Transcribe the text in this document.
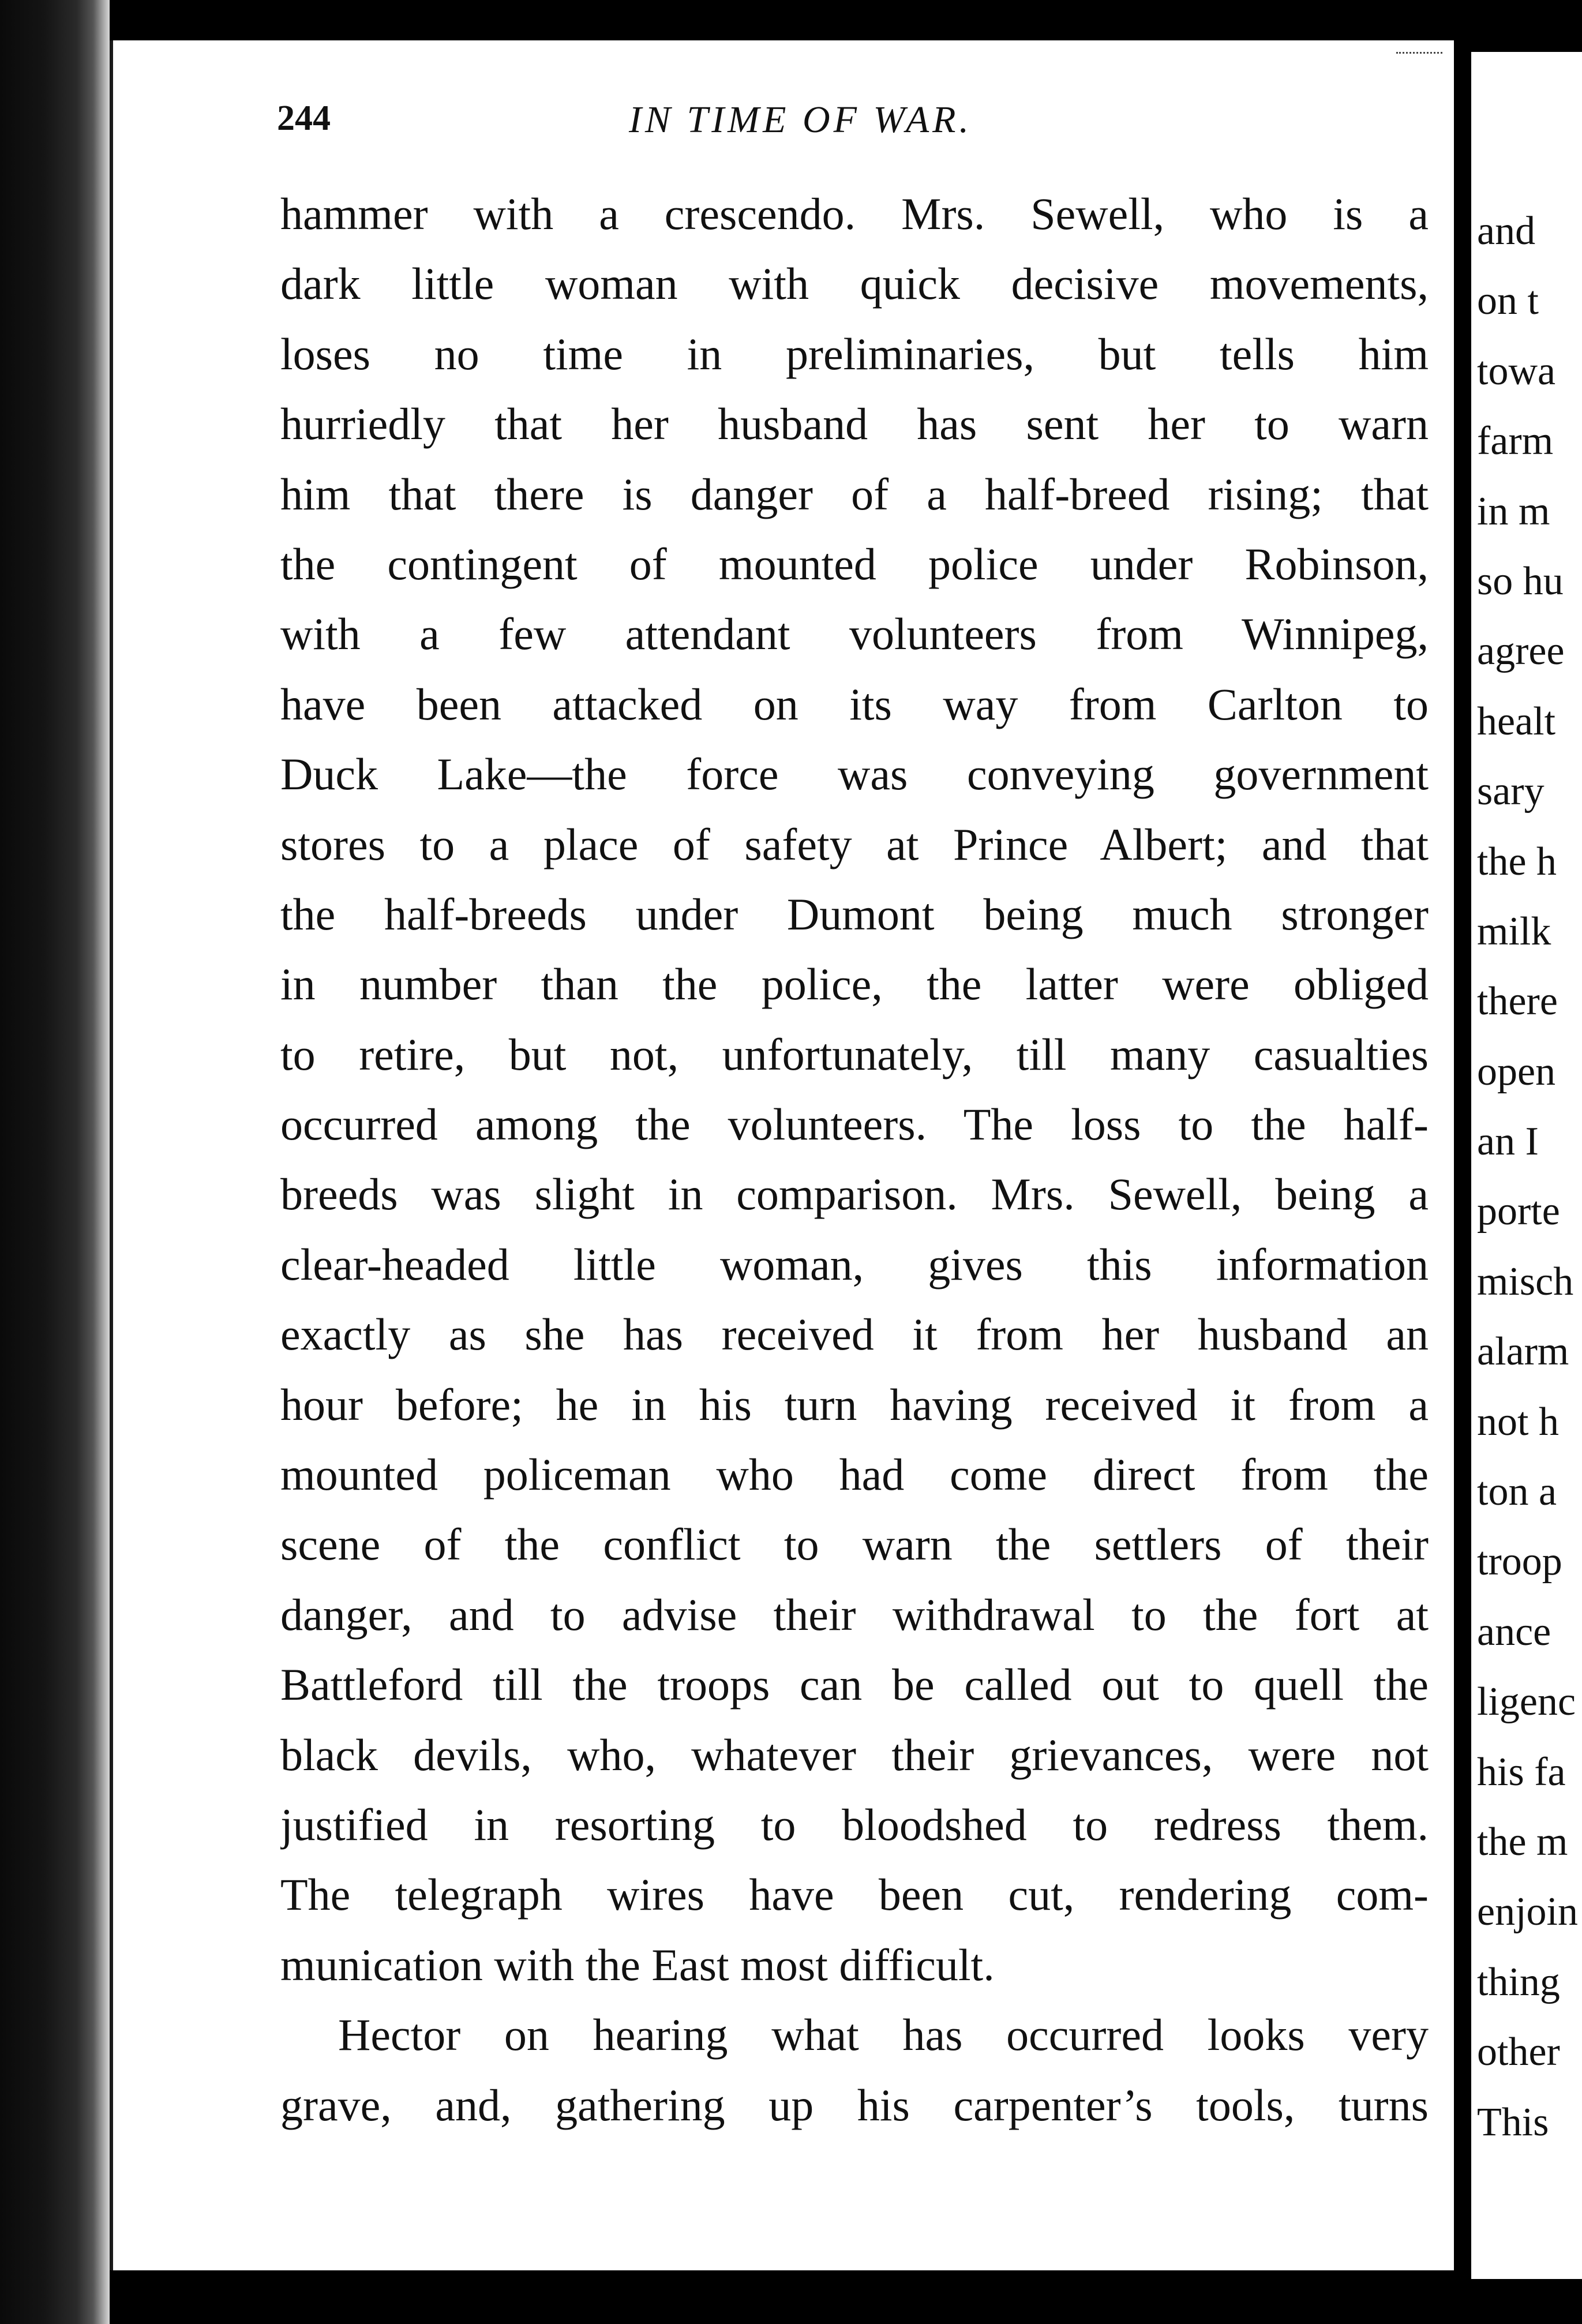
244	IN TIME OF WAR.
hammer with a crescendo. Mrs. Sewell, who is a
dark little woman with quick decisive movements,
loses no time in preliminaries, but tells him
hurriedly that her husband has sent her to warn
him that there is danger of a half-breed rising; that
the contingent of mounted police under Robinson,
with a few attendant volunteers from Winnipeg,
have been attacked on its way from Carlton to
Duck Lake—the force was conveying government
stores to a place of safety at Prince Albert; and that
the half-breeds under Dumont being much stronger
in number than the police, the latter were obliged
to retire, but not, unfortunately, till many casualties
occurred among the volunteers. The loss to the half-
breeds was slight in comparison. Mrs. Sewell, being a
clear-headed little woman, gives this information
exactly as she has received it from her husband an
hour before; he in his turn having received it from a
mounted policeman who had come direct from the
scene of the conflict to warn the settlers of their
danger, and to advise their withdrawal to the fort at
Battleford till the troops can be called out to quell the
black devils, who, whatever their grievances, were not
justified in resorting to bloodshed to redress them.
The telegraph wires have been cut, rendering com-
munication with the East most difficult.
Hector on hearing what has occurred looks very
grave, and, gathering up his carpenter’s tools, turns
and
on t
towa
farm
in m
so hu
agree
healt
sary
the h
milk
there
open
an I
porte
misch
alarm
not h
ton a
troop
ance
ligenc
his fa
the m
enjoin
thing
other
This
